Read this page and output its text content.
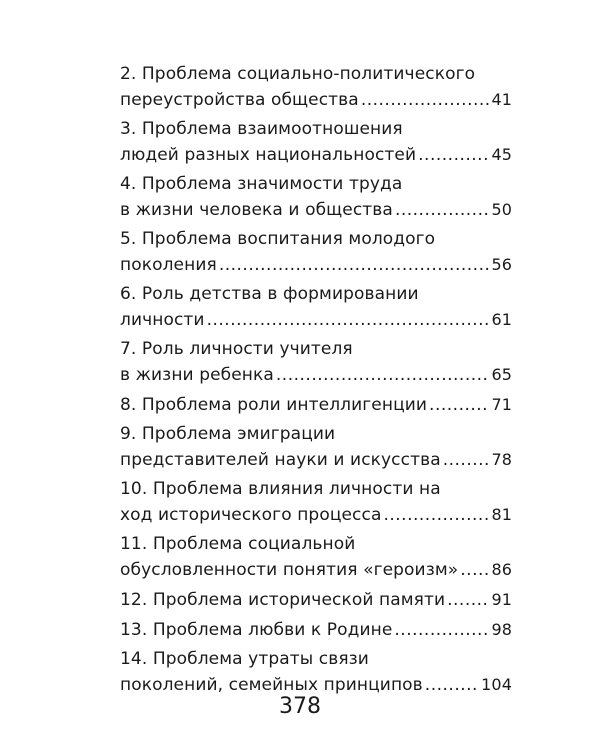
2. Проблема социально-политического
переустройства общества .....	41
3. Проблема взаимоотношения
людей разных национальностей .....	45
4. Проблема значимости труда
в жизни человека и общества .....	50
5. Проблема воспитания молодого
поколения .....	56
6. Роль детства в формировании
личности .....	61
7. Роль личности учителя
в жизни ребенка .....	65
8. Проблема роли интеллигенции .....	71
9. Проблема эмиграции
представителей науки и искусства .....	78
10. Проблема влияния личности на
ход исторического процесса .....	81
11. Проблема социальной
обусловленности понятия «героизм» ..... 86
12. Проблема исторической памяти .....	91
13. Проблема любви к Родине .....	98
14. Проблема утраты связи
поколений, семейных принципов .....	104
378
